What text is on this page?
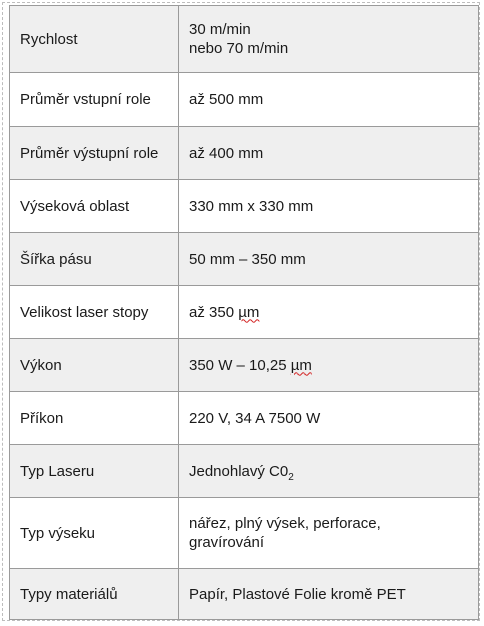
Rychlost	30 m/min
nebo 70 m/min

Průměr vstupní role	až 500 mm
Průměr výstupní role	až 400 mm
Výseková oblast	330 mm x 330 mm
Šířka pásu	50 mm – 350 mm
Velikost laser stopy	až 350 µm
Výkon	350 W – 10,25 µm
Příkon	220 V, 34 A 7500 W
Typ Laseru	Jednohlavý $C0_2$
Typ výseku	nářez, plný výsek, perforace,
gravírování

Typy materiálů	Papír, Plastové Folie kromě PET
